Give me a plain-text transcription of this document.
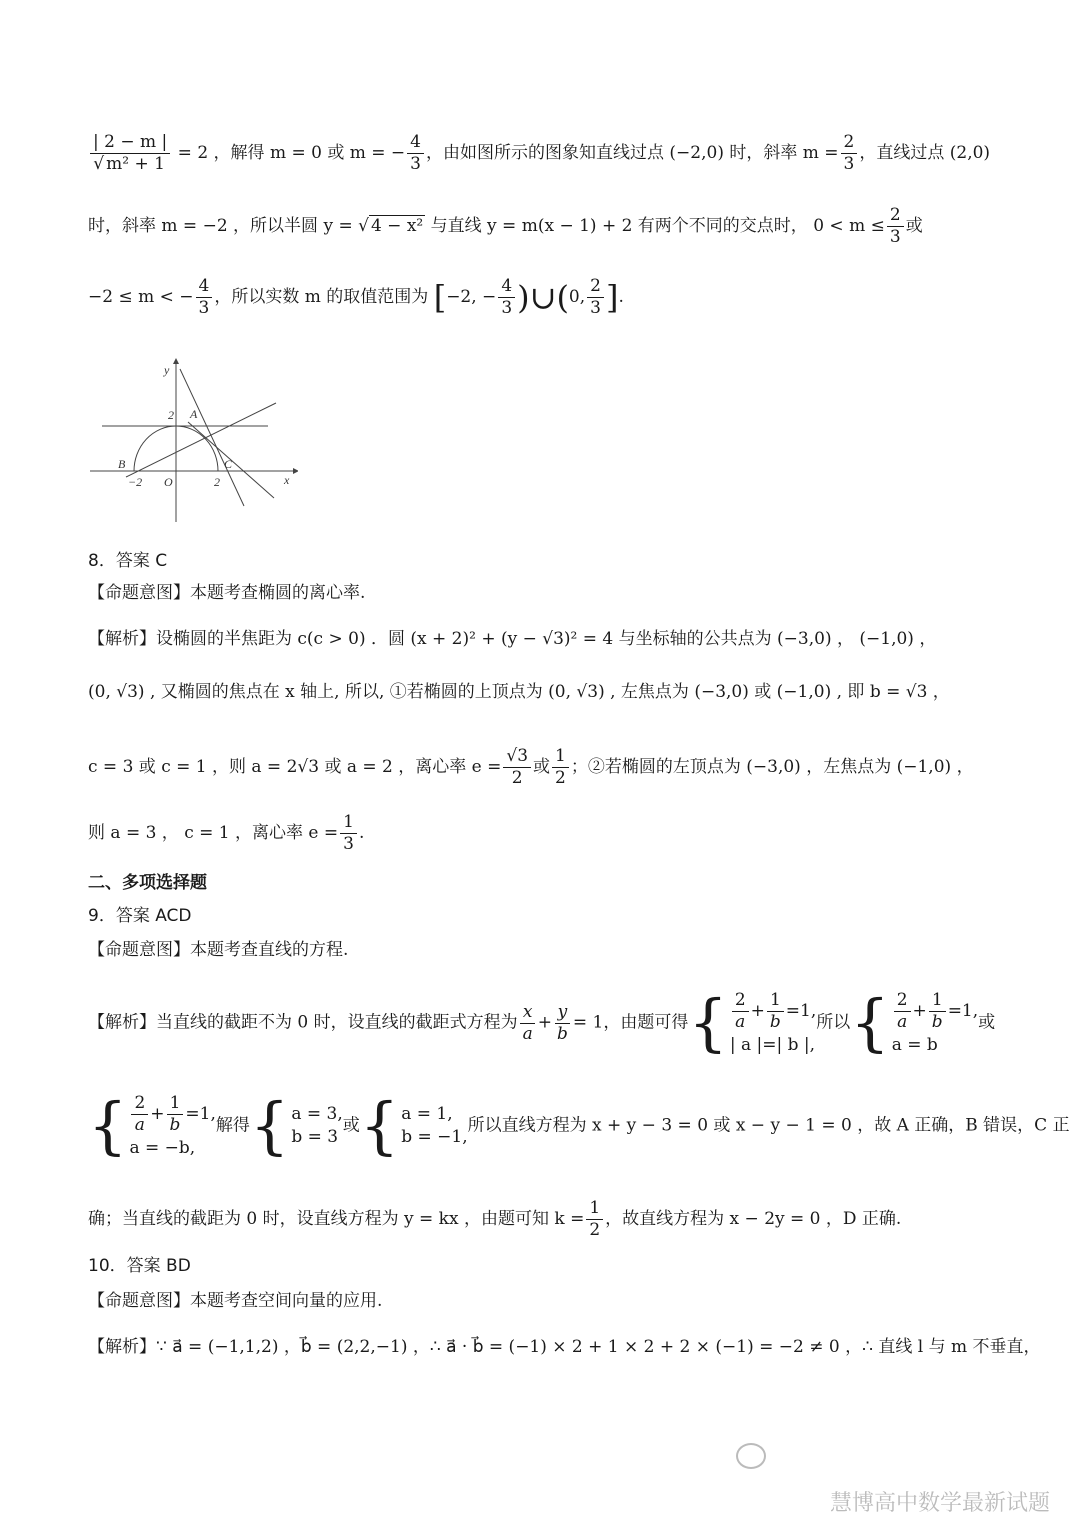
$\frac{| 2 - m |}{\text{√ m² + 1}} = 2$ ，解得 m = 0 或 m = − $\frac{4}{3}$ ，由如图所示的图象知直线过点 (−2,0) 时，斜率 $m = \frac{2}{3}$ ，直线过点 (2,0)
时，斜率 m = −2 ，所以半圆 y = √ 4 − x² 与直线 y = m(x − 1) + 2 有两个不同的交点时， $0 < m \le \frac{2}{3}$ 或
−2 ≤ m < − $\frac{4}{3}$ ，所以实数 m 的取值范围为 [−2, − $\frac{4}{3}$ )∪(0, $\frac{2}{3}$ ].
y
x
A
B	C
2
−2 O	2
8．答案 C
【命题意图】本题考查椭圆的离心率.
【解析】设椭圆的半焦距为 c(c > 0) ．圆 (x + 2)² + (y − √3)² = 4 与坐标轴的公共点为 (−3,0) ， (−1,0) ，
(0, √3) , 又椭圆的焦点在 x 轴上, 所以, ①若椭圆的上顶点为 (0, √3) , 左焦点为 (−3,0) 或 (−1,0) , 即 b = √3 ，
c = 3 或 c = 1 ，则 a = 2√3 或 a = 2 ，离心率 $e = \frac{√3}{2}$ 或 $\frac{1}{2}$ ；②若椭圆的左顶点为 (−3,0) ，左焦点为 (−1,0) ，
则 a = 3 ， c = 1 ，离心率 $e = \frac{1}{3}$ .
二、多项选择题
9．答案 ACD
【命题意图】本题考查直线的方程.
【解析】当直线的截距不为 0 时，设直线的截距式方程为 $\frac{x}{a} + \frac{y}{b} = 1$，由题可得 { $\frac{2}{a} + \frac{1}{b} =1$,
| a |=| b |,
所以 { $\frac{2}{a} + \frac{1}{b} =1$,
a = b
或
{ $\frac{2}{a} + \frac{1}{b} =1$,
a = −b,
解得 { a = 3,
b = 3
或 { a = 1,
b = −1,
所以直线方程为 x + y − 3 = 0 或 x − y − 1 = 0 ，故 A 正确，B 错误，C 正
确；当直线的截距为 0 时，设直线方程为 y = kx ，由题可知 $k = \frac{1}{2}$ ，故直线方程为 x − 2y = 0 ，D 正确.
10．答案 BD
【命题意图】本题考查空间向量的应用.
【解析】∵ a⃗ = (−1,1,2) ，b⃗ = (2,2,−1) ，∴ a⃗ · b⃗ = (−1) × 2 + 1 × 2 + 2 × (−1) = −2 ≠ 0 ，∴ 直线 l 与 m 不垂直，
慧博高中数学最新试题
